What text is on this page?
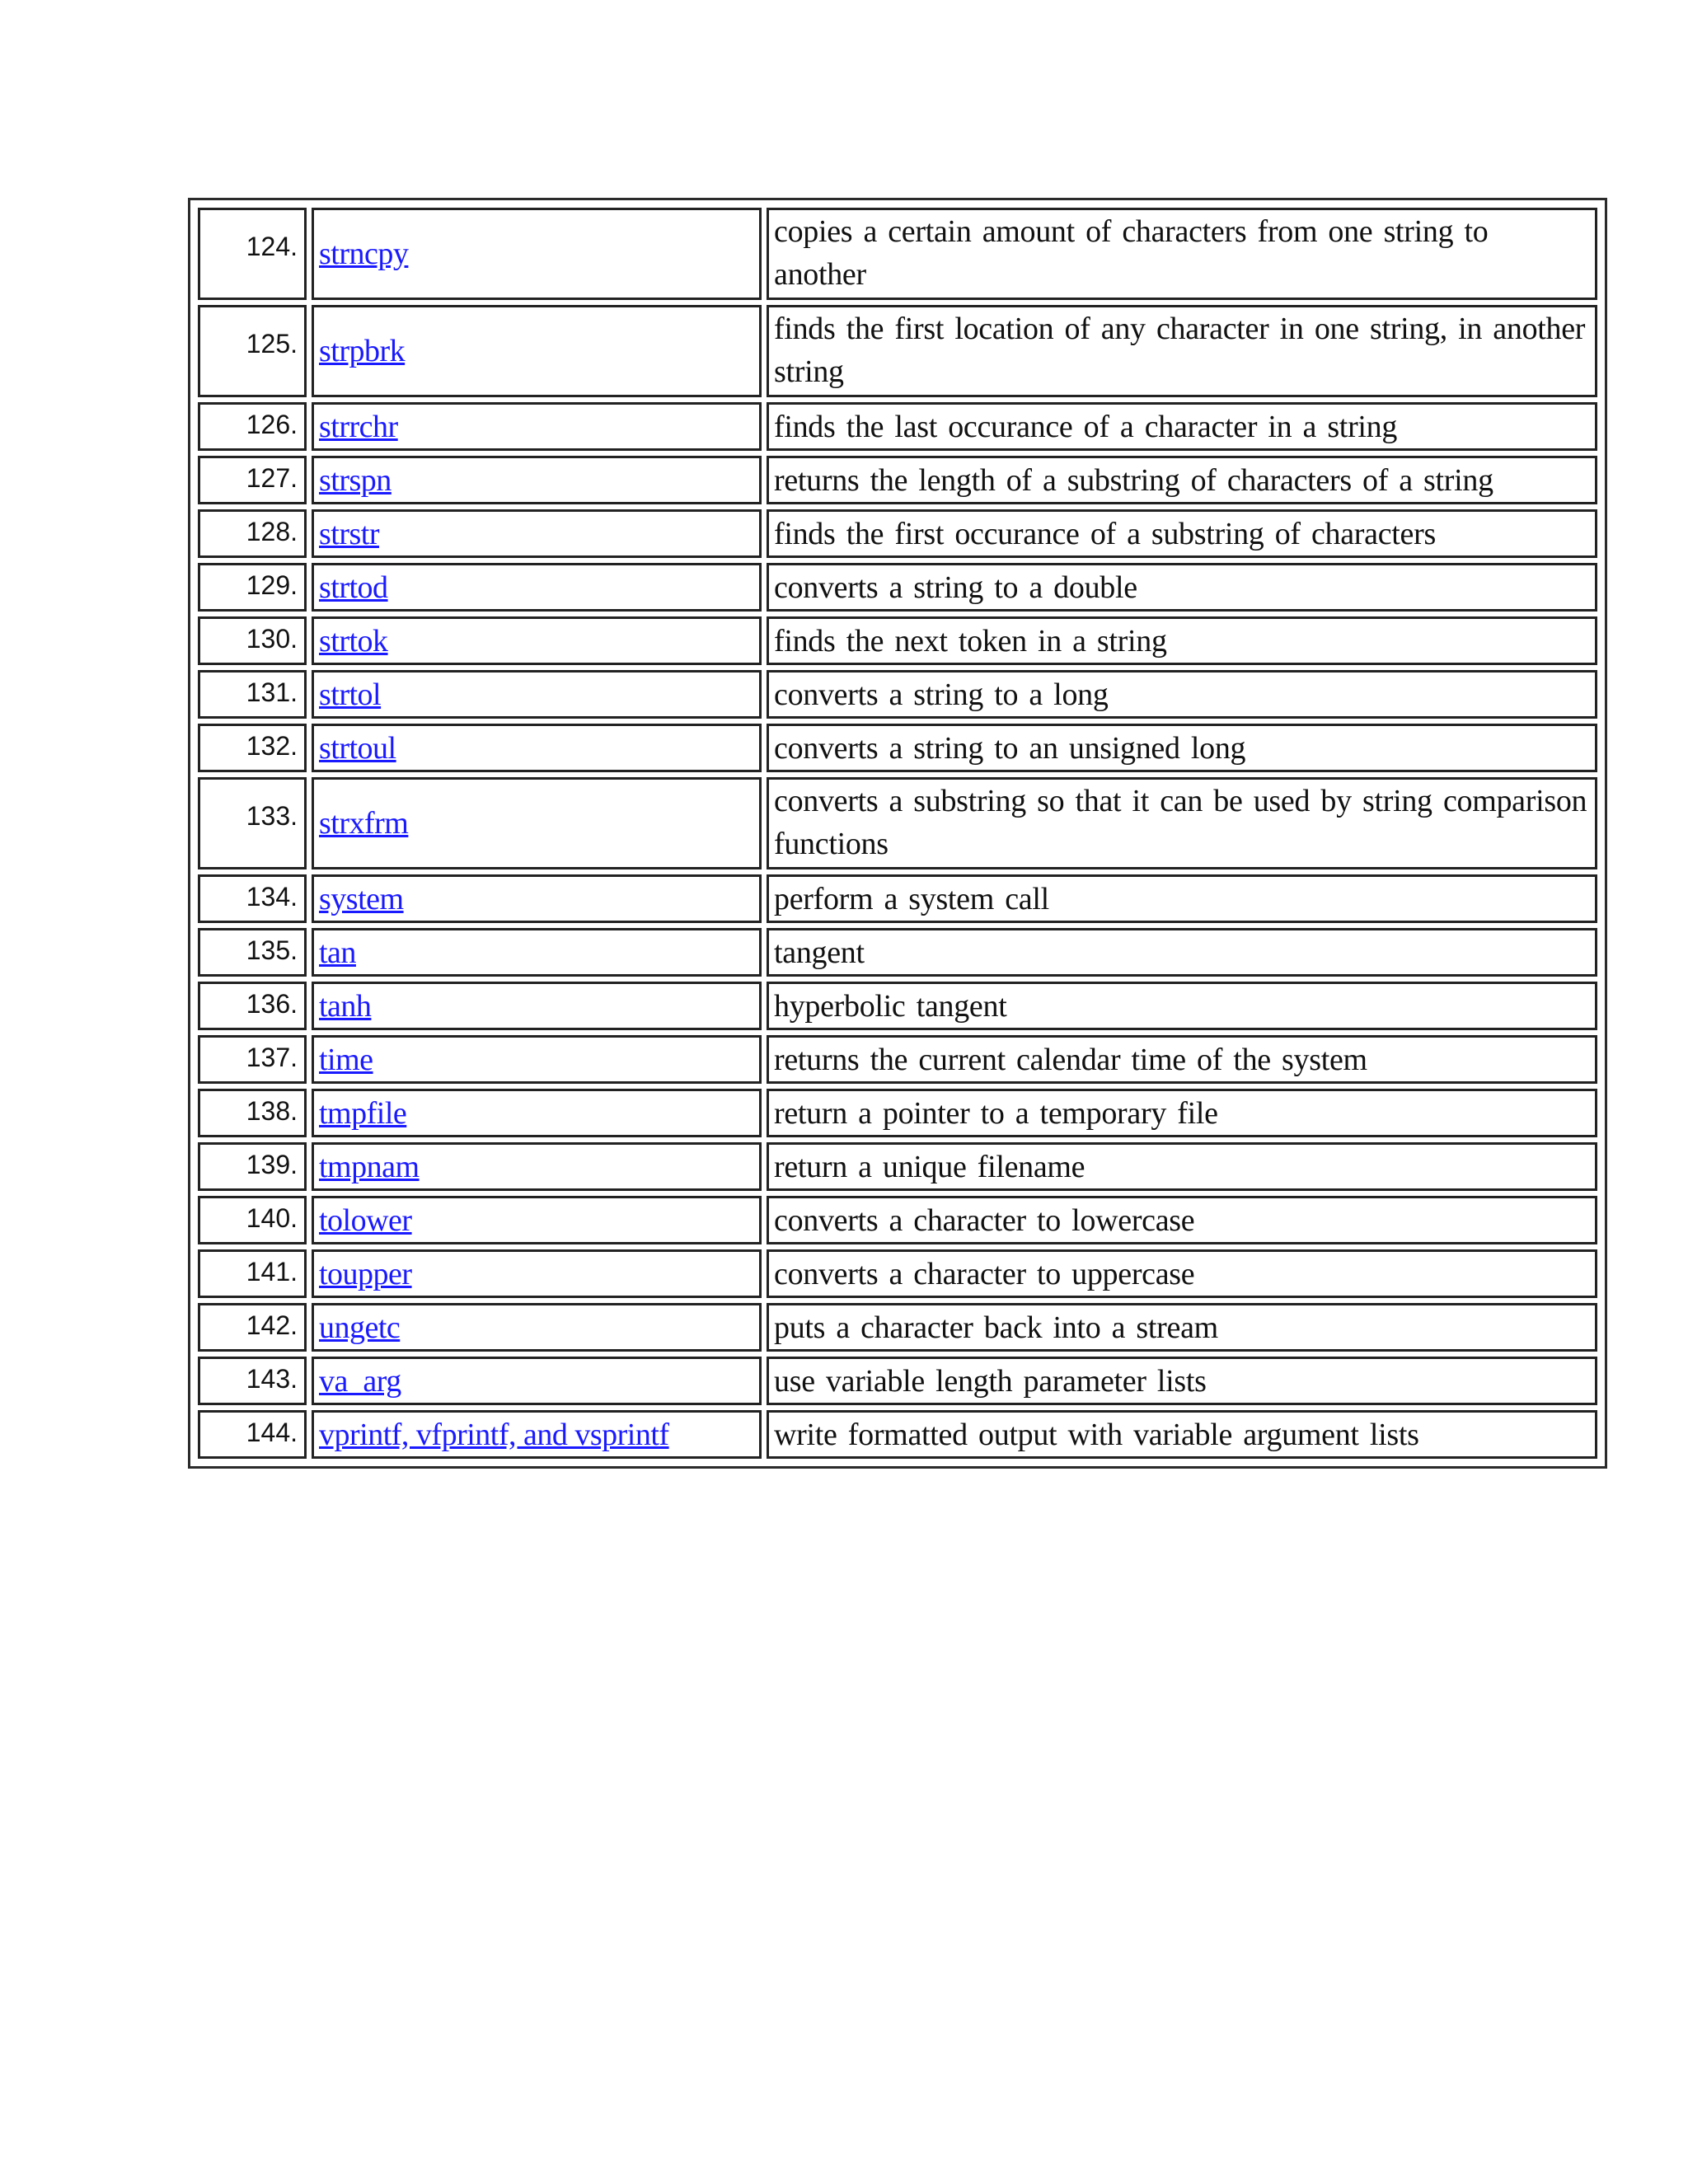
124.	strncpy	copies a certain amount of characters from one string to another
125.	strpbrk	finds the first location of any character in one string, in another string
126.	strrchr	finds the last occurance of a character in a string
127.	strspn	returns the length of a substring of characters of a string
128.	strstr	finds the first occurance of a substring of characters
129.	strtod	converts a string to a double
130.	strtok	finds the next token in a string
131.	strtol	converts a string to a long
132.	strtoul	converts a string to an unsigned long
133.	strxfrm	converts a substring so that it can be used by string comparison functions
134.	system	perform a system call
135.	tan	tangent
136.	tanh	hyperbolic tangent
137.	time	returns the current calendar time of the system
138.	tmpfile	return a pointer to a temporary file
139.	tmpnam	return a unique filename
140.	tolower	converts a character to lowercase
141.	toupper	converts a character to uppercase
142.	ungetc	puts a character back into a stream
143.	va_arg	use variable length parameter lists
144.	vprintf, vfprintf, and vsprintf	write formatted output with variable argument lists
